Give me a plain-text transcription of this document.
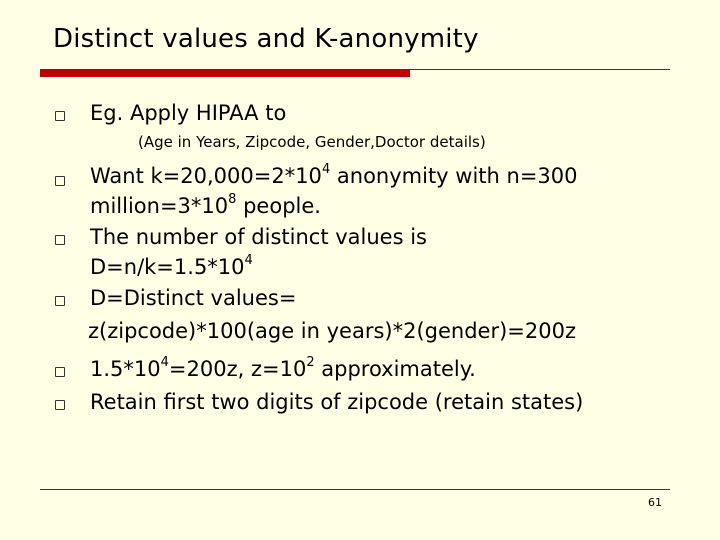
Distinct values and K-anonymity
Eg. Apply HIPAA to
(Age in Years, Zipcode, Gender,Doctor details)
Want $k=20,000=2*10^4$ anonymity with n=300
$million=3*10^8$ people.
The number of distinct values is
$D=n/k=1.5*10^4$
D=Distinct values=
z(zipcode)*100(age in years)*2(gender)=200z
$1.5*10^4=200z$, $z=10^2$ approximately.
Retain first two digits of zipcode (retain states)
61
